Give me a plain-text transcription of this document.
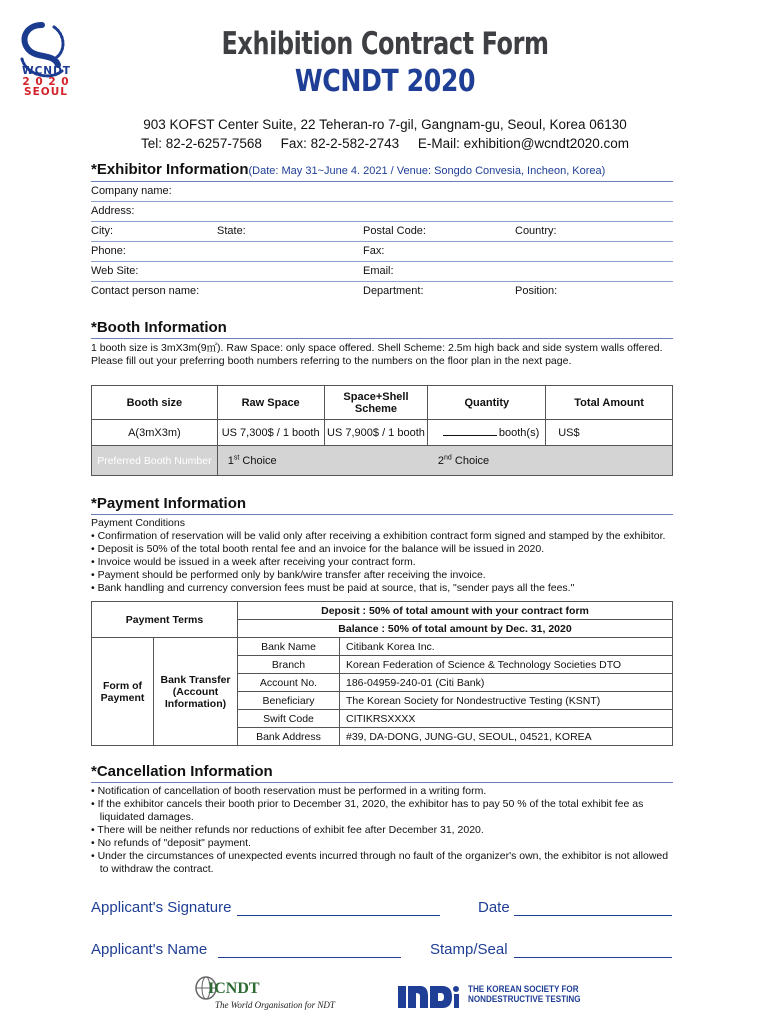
WCNDT
2 0 2 0
SEOUL
Exhibition Contract Form
WCNDT 2020
903 KOFST Center Suite, 22 Teheran-ro 7-gil, Gangnam-gu, Seoul, Korea 06130
Tel: 82-2-6257-7568     Fax: 82-2-582-2743     E-Mail: exhibition@wcndt2020.com
*Exhibitor Information(Date: May 31~June 4. 2021 / Venue: Songdo Convesia, Incheon, Korea)
Company name:
Address:
City:	State:	Postal Code:	Country:
Phone:	Fax:
Web Site:	Email:
Contact person name:	Department:	Position:
*Booth Information
1 booth size is 3mX3m(9㎡). Raw Space: only space offered. Shell Scheme: 2.5m high back and side system walls offered.
Please fill out your preferring booth numbers referring to the numbers on the floor plan in the next page.
Booth size	Raw Space	Space+Shell Scheme	Quantity	Total Amount
A(3mX3m)	US 7,300$ / 1 booth	US 7,900$ / 1 booth	booth(s)	US$
Preferred Booth Number	1st Choice		2nd Choice	
*Payment Information
Payment Conditions
• Confirmation of reservation will be valid only after receiving a exhibition contract form signed and stamped by the exhibitor.
• Deposit is 50% of the total booth rental fee and an invoice for the balance will be issued in 2020.
• Invoice would be issued in a week after receiving your contract form.
• Payment should be performed only by bank/wire transfer after receiving the invoice.
• Bank handling and currency conversion fees must be paid at source, that is, "sender pays all the fees."
Payment Terms		Deposit : 50% of total amount with your contract form	
		Balance : 50% of total amount by Dec. 31, 2020	
Form of Payment	Bank Transfer (Account Information)	Bank Name	Citibank Korea Inc.
		Branch	Korean Federation of Science & Technology Societies DTO
		Account No.	186-04959-240-01 (Citi Bank)
		Beneficiary	The Korean Society for Nondestructive Testing (KSNT)
		Swift Code	CITIKRSXXXX
		Bank Address	#39, DA-DONG, JUNG-GU, SEOUL, 04521, KOREA
*Cancellation Information
• Notification of cancellation of booth reservation must be performed in a writing form.
• If the exhibitor cancels their booth prior to December 31, 2020, the exhibitor has to pay 50 % of the total exhibit fee as
liquidated damages.
• There will be neither refunds nor reductions of exhibit fee after December 31, 2020.
• No refunds of "deposit" payment.
• Under the circumstances of unexpected events incurred through no fault of the organizer's own, the exhibitor is not allowed
to withdraw the contract.
Applicant's Signature	Date
Applicant's Name	Stamp/Seal
ICNDT
The World Organisation for NDT
THE KOREAN SOCIETY FOR
NONDESTRUCTIVE TESTING
